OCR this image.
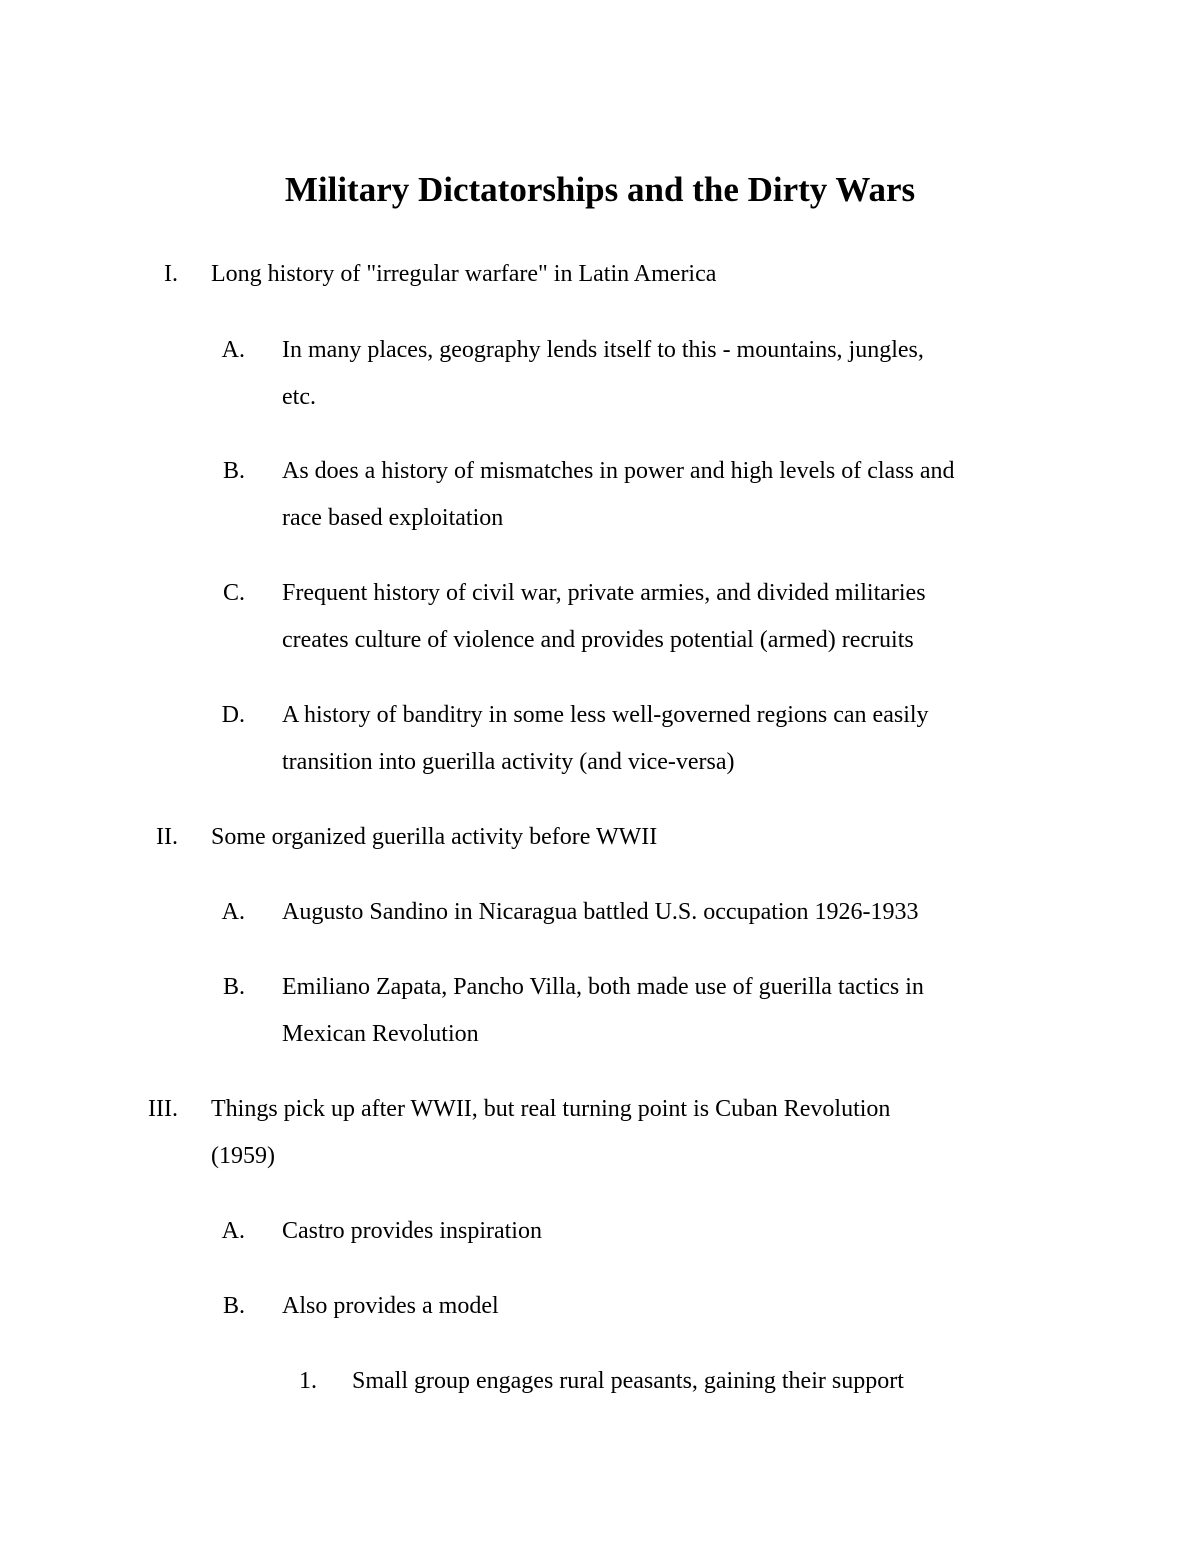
Military Dictatorships and the Dirty Wars
I. Long history of "irregular warfare" in Latin America
A. In many places, geography lends itself to this - mountains, jungles,
etc.
B. As does a history of mismatches in power and high levels of class and
race based exploitation
C. Frequent history of civil war, private armies, and divided militaries
creates culture of violence and provides potential (armed) recruits
D. A history of banditry in some less well-governed regions can easily
transition into guerilla activity (and vice-versa)
II. Some organized guerilla activity before WWII
A. Augusto Sandino in Nicaragua battled U.S. occupation 1926-1933
B. Emiliano Zapata, Pancho Villa, both made use of guerilla tactics in
Mexican Revolution
III. Things pick up after WWII, but real turning point is Cuban Revolution
(1959)
A. Castro provides inspiration
B. Also provides a model
1. Small group engages rural peasants, gaining their support
